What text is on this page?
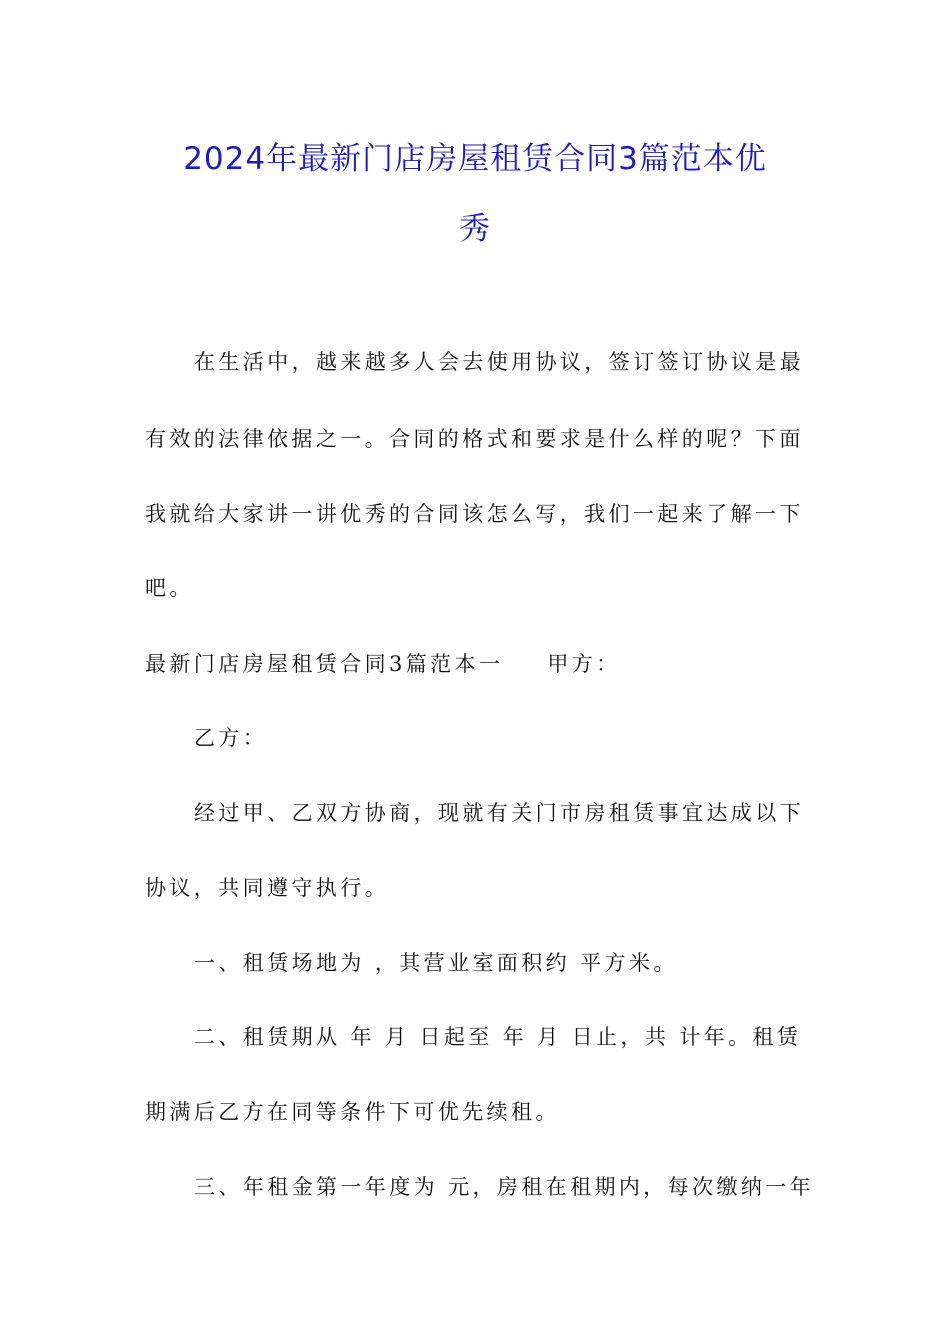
2024年最新门店房屋租赁合同3篇范本优
秀

在生活中，越来越多人会去使用协议，签订签订协议是最

有效的法律依据之一。合同的格式和要求是什么样的呢？下面

我就给大家讲一讲优秀的合同该怎么写，我们一起来了解一下

吧。

最新门店房屋租赁合同3篇范本一 甲方：

乙方：

经过甲、乙双方协商，现就有关门市房租赁事宜达成以下

协议，共同遵守执行。

一、租赁场地为 ，其营业室面积约 平方米。

二、租赁期从 年 月 日起至 年 月 日止，共 计年。租赁

期满后乙方在同等条件下可优先续租。

三、年租金第一年度为 元，房租在租期内，每次缴纳一年
